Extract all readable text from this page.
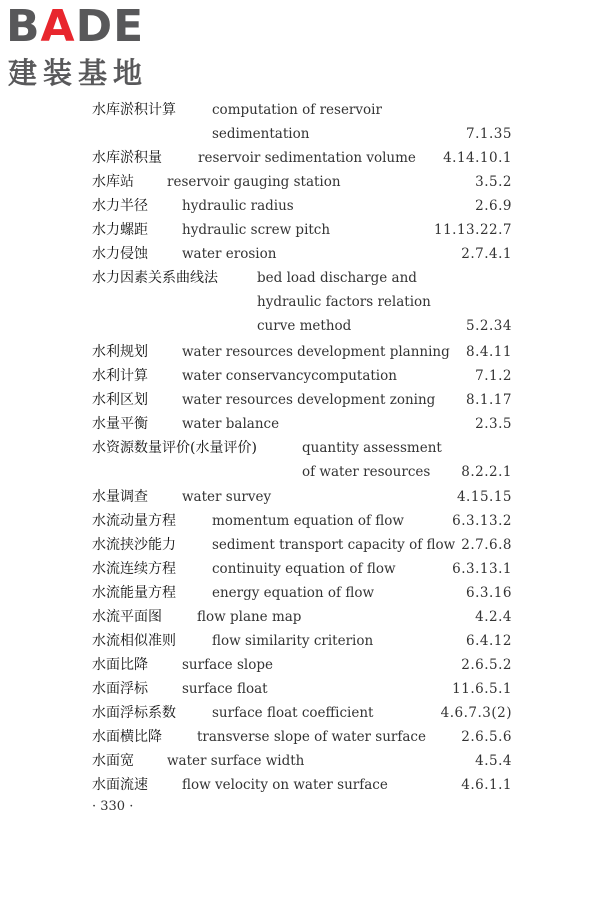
BADE
建装基地
水库淤积计算	computation of reservoir
sedimentation	7.1.35
水库淤积量	reservoir sedimentation volume 4.14.10.1
水库站 reservoir gauging station	3.5.2
水力半径	hydraulic radius	2.6.9
水力螺距	hydraulic screw pitch	11.13.22.7
水力侵蚀	water erosion	2.7.4.1
水力因素关系曲线法	bed load discharge and
hydraulic factors relation
curve method	5.2.34
水利规划	water resources development planning 8.4.11
水利计算	water conservancycomputation	7.1.2
水利区划	water resources development zoning 8.1.17
水量平衡	water balance	2.3.5
水资源数量评价(水量评价)	quantity assessment
of water resources 8.2.2.1
水量调查	water survey	4.15.15
水流动量方程	momentum equation of flow	6.3.13.2
水流挟沙能力	sediment transport capacity of flow 2.7.6.8
水流连续方程	continuity equation of flow	6.3.13.1
水流能量方程	energy equation of flow	6.3.16
水流平面图	flow plane map	4.2.4
水流相似准则	flow similarity criterion	6.4.12
水面比降	surface slope	2.6.5.2
水面浮标	surface float	11.6.5.1
水面浮标系数	surface float coefficient	4.6.7.3(2)
水面横比降	transverse slope of water surface	2.6.5.6
水面宽 water surface width	4.5.4
水面流速	flow velocity on water surface	4.6.1.1
· 330 ·
